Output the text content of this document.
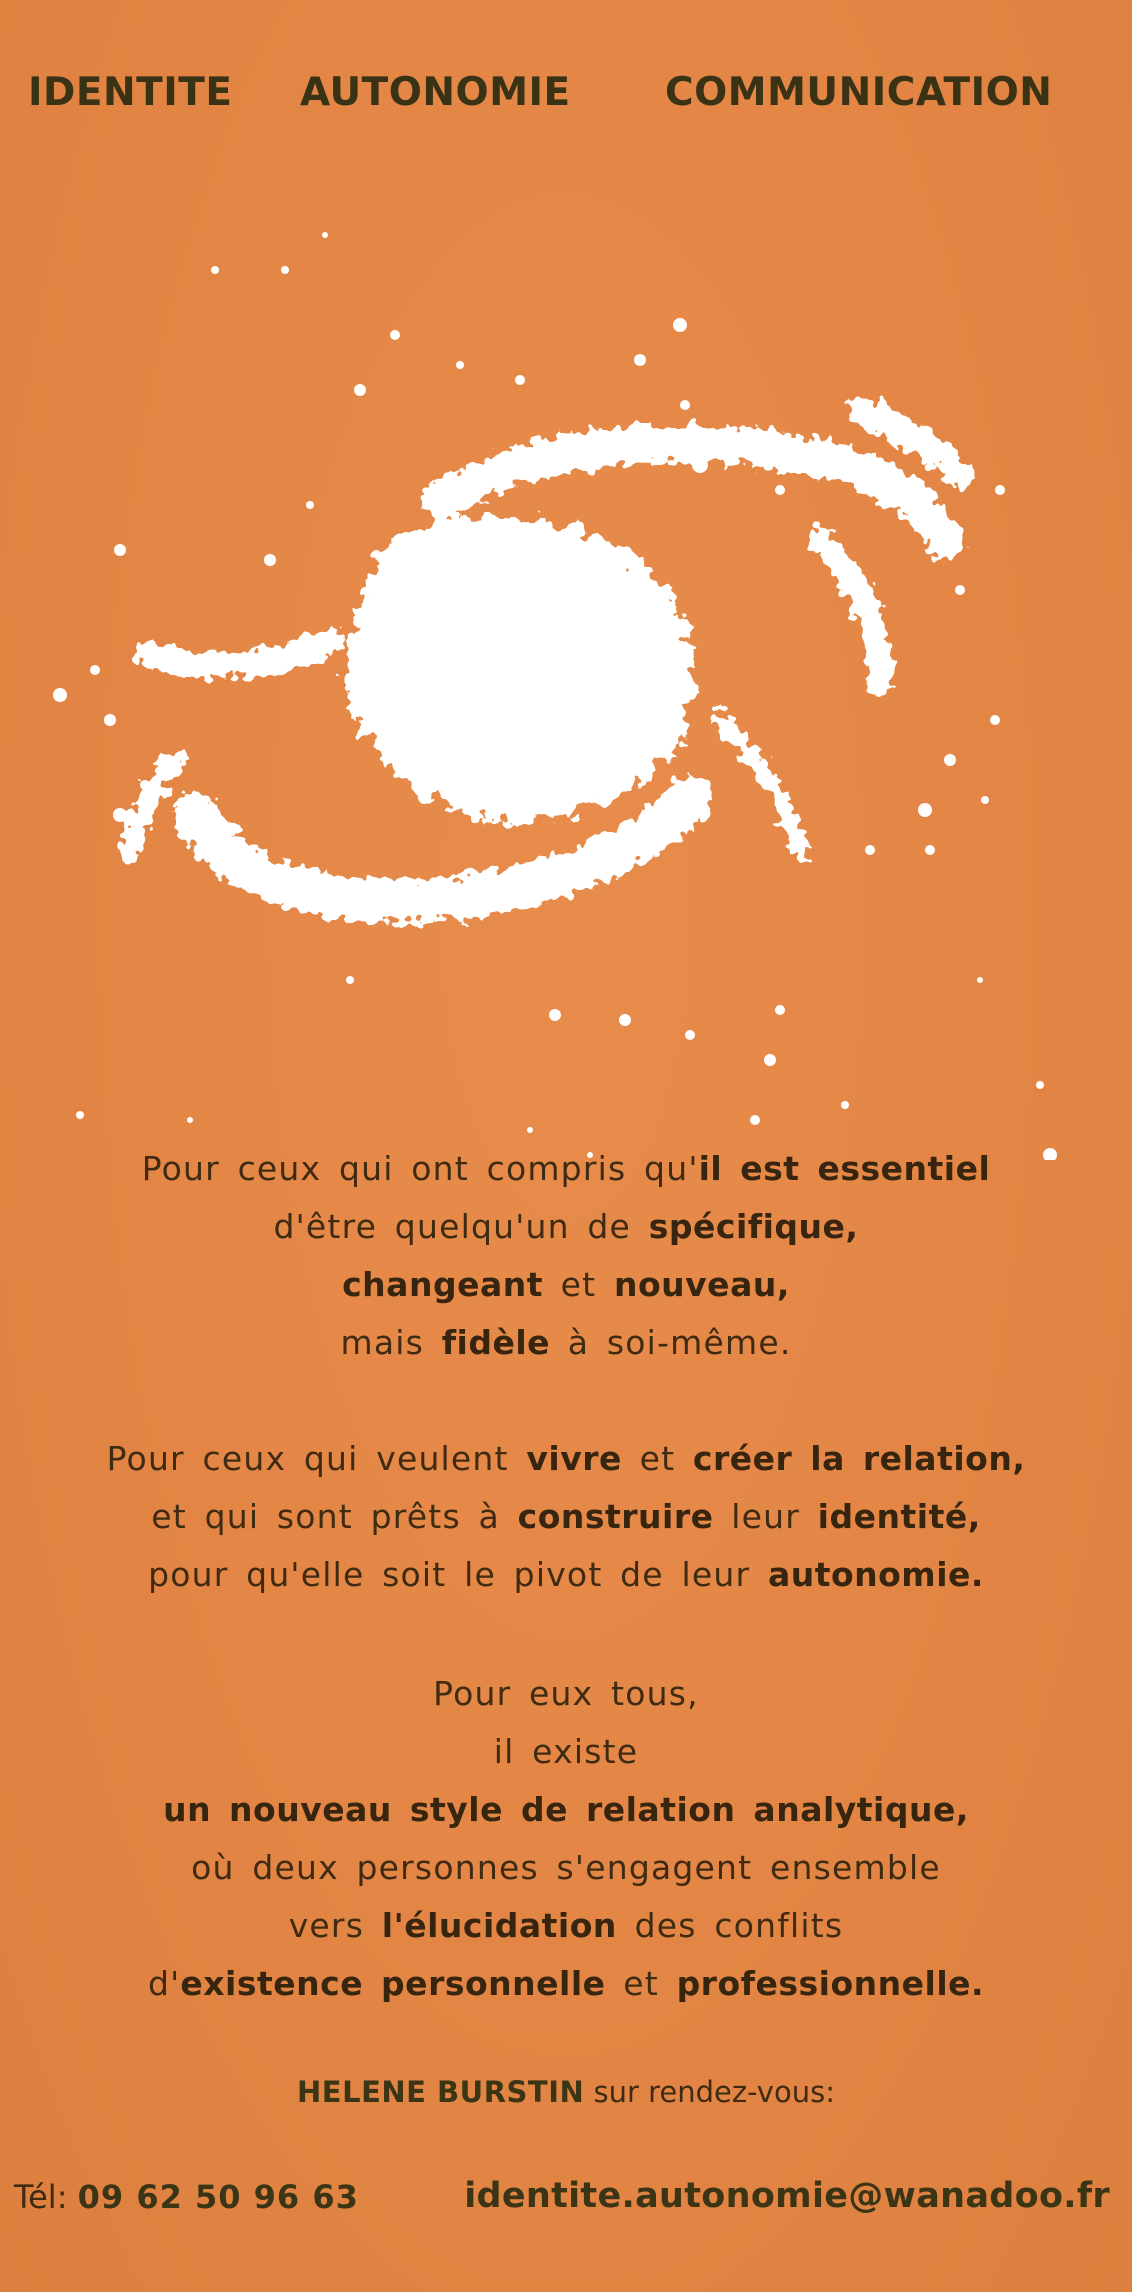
IDENTITE AUTONOMIE COMMUNICATION
Pour ceux qui ont compris qu'il est essentiel
d'être quelqu'un de spécifique,
changeant et nouveau,
mais fidèle à soi-même.
Pour ceux qui veulent vivre et créer la relation,
et qui sont prêts à construire leur identité,
pour qu'elle soit le pivot de leur autonomie.
Pour eux tous,
il existe
un nouveau style de relation analytique,
où deux personnes s'engagent ensemble
vers l'élucidation des conflits
d'existence personnelle et professionnelle.
HELENE BURSTIN sur rendez-vous:
Tél: 09 62 50 96 63	identite.autonomie@wanadoo.fr
